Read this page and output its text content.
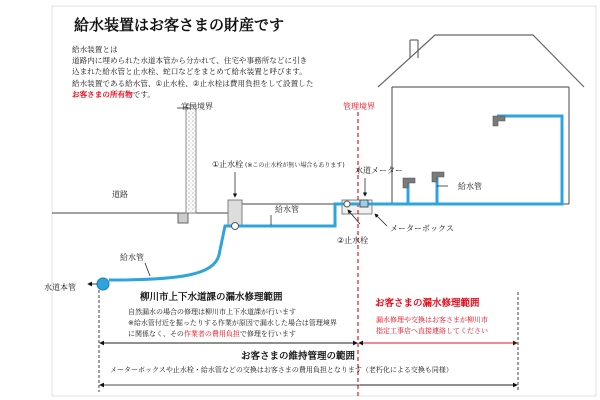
給水装置はお客さまの財産です
給水装置とは
道路内に埋められた水道本管から分かれて、住宅や事務所などに引き
込まれた給水管と止水栓、蛇口などをまとめて給水装置と呼びます。
給水装置である給水管、①止水栓、②止水栓は費用負担をして設置した
お客さまの所有物です。
官民境界	管理境界
道路
①止水栓 (※この止水栓が無い場合もあります)
水道メーター
給水管
給水管
メーターボックス
②止水栓
給水管
水道本管
柳川市上下水道課の漏水修理範囲
自然漏水の場合の修理は柳川市上下水道課が行います
※給水管付近を掘ったりする作業が原因で漏水した場合は管理境界
に関係なく、その作業者の費用負担で修理を行います
お客さまの漏水修理範囲
漏水修理や交換はお客さまが柳川市
指定工事店へ直接連絡してください
お客さまの維持管理の範囲
メーターボックスや止水栓・給水管などの交換はお客さまの費用負担となります（老朽化による交換も同様）
